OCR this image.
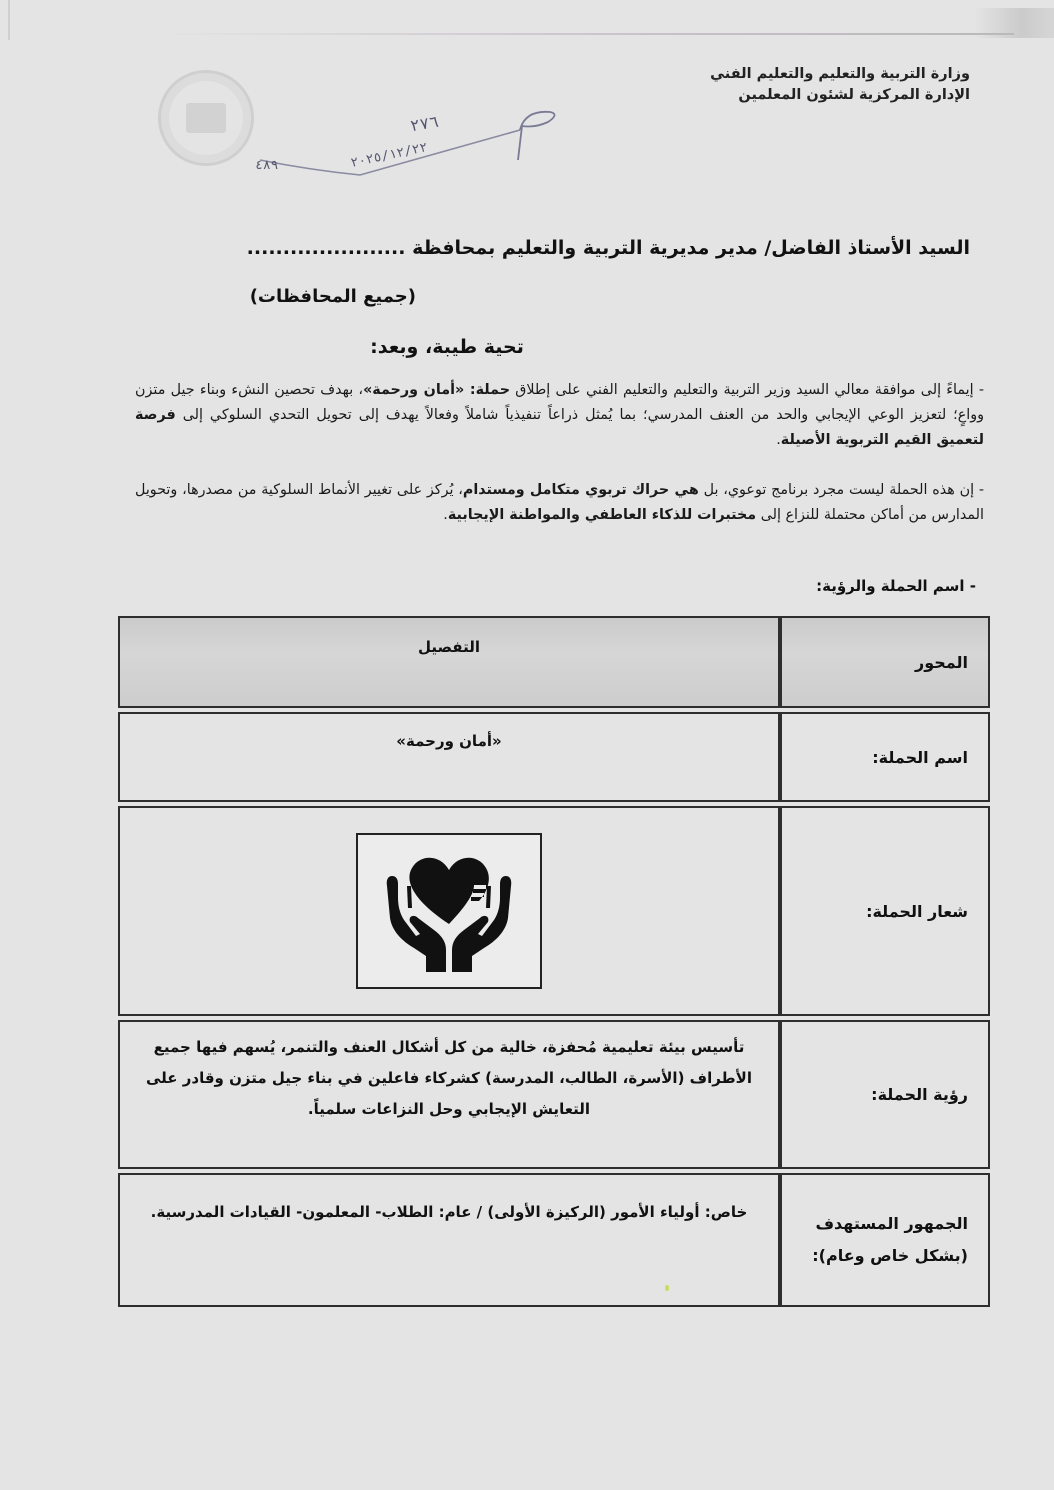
وزارة التربية والتعليم والتعليم الفني
الإدارة المركزية لشئون المعلمين
٢٧٦
٢٠٢٥/١٢/٢٢
٤٨٩
السيد الأستاذ الفاضل/ مدير مديرية التربية والتعليم بمحافظة ......................
(جميع المحافظات)
تحية طيبة، وبعد:
- إيماءً إلى موافقة معالي السيد وزير التربية والتعليم والتعليم الفني على إطلاق حملة: «أمان ورحمة»، بهدف تحصين النشء وبناء جيل متزن وواعٍ؛ لتعزيز الوعي الإيجابي والحد من العنف المدرسي؛ بما يُمثل ذراعاً تنفيذياً شاملاً وفعالاً يهدف إلى تحويل التحدي السلوكي إلى فرصة لتعميق القيم التربوية الأصيلة.
- إن هذه الحملة ليست مجرد برنامج توعوي، بل هي حراك تربوي متكامل ومستدام، يُركز على تغيير الأنماط السلوكية من مصدرها، وتحويل المدارس من أماكن محتملة للنزاع إلى مختبرات للذكاء العاطفي والمواطنة الإيجابية.
- اسم الحملة والرؤية:
المحور	التفصيل
اسم الحملة:	«أمان ورحمة»
شعار الحملة:	

رؤية الحملة:	تأسيس بيئة تعليمية مُحفزة، خالية من كل أشكال العنف والتنمر، يُسهم فيها جميع الأطراف (الأسرة، الطالب، المدرسة) كشركاء فاعلين في بناء جيل متزن وقادر على التعايش الإيجابي وحل النزاعات سلمياً.

الجمهور المستهدف
(بشكل خاص وعام):	خاص: أولياء الأمور (الركيزة الأولى) / عام: الطلاب- المعلمون- القيادات المدرسية.
